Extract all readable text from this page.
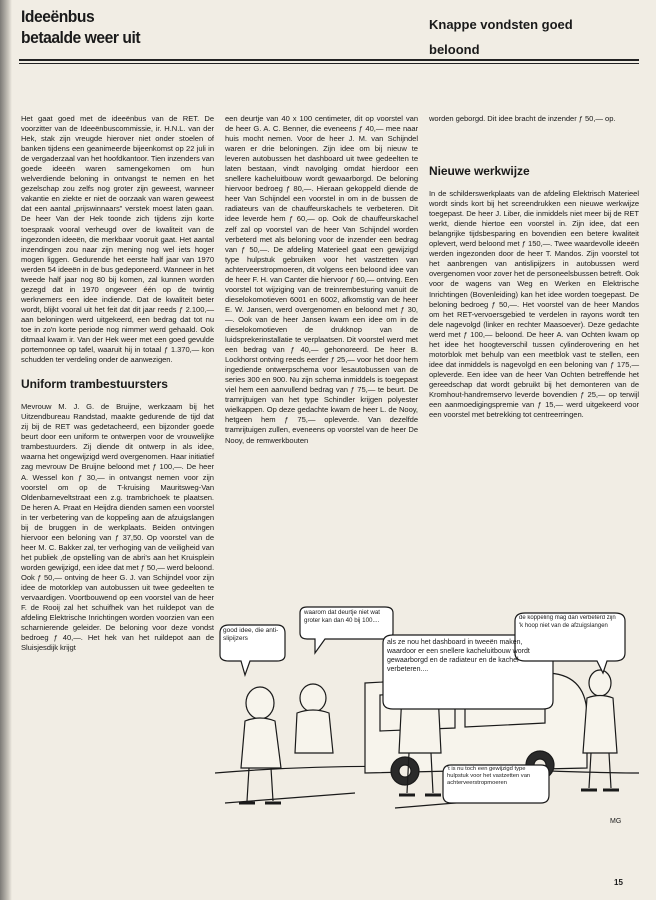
Ideeënbus
betaalde weer uit
Knappe vondsten goed
beloond

Het gaat goed met de ideeënbus van de RET. De voorzitter van de Ideeënbuscommissie, ir. H.N.L. van der Hek, stak zijn vreugde hierover niet onder stoelen of banken tijdens een geanimeerde bijeenkomst op 22 juli in de vergaderzaal van het hoofdkantoor. Tien inzenders van goede ideeën waren samengekomen om hun welverdiende beloning in ontvangst te nemen en het gezelschap zou zelfs nog groter zijn geweest, wanneer vakantie en ziekte er niet de oorzaak van waren geweest dat een aantal „prijswinnaars” verstek moest laten gaan. De heer Van der Hek toonde zich tijdens zijn korte toespraak vooral verheugd over de kwaliteit van de ingezonden ideeën, die merkbaar vooruit gaat. Het aantal inzendingen zou naar zijn mening nog wel iets hoger mogen liggen. Gedurende het eerste half jaar van 1970 werden 54 ideeën in de bus gedeponeerd. Wanneer in het tweede half jaar nog 80 bij komen, zal kunnen worden gezegd dat in 1970 ongeveer één op de twintig werknemers een idee indiende. Dat de kwaliteit beter wordt, blijkt vooral uit het feit dat dit jaar reeds ƒ 2.100,— aan beloningen werd uitgekeerd, een bedrag dat tot nu toe in zo'n korte periode nog nimmer werd gehaald. Ook ditmaal kwam ir. Van der Hek weer met een goed gevulde portemonnee op tafel, waaruit hij in totaal ƒ 1.370,— kon schudden ter verdeling onder de aanwezigen.

Uniform trambestuursters

Mevrouw M. J. G. de Bruijne, werkzaam bij het Uitzendbureau Randstad, maakte gedurende de tijd dat zij bij de RET was gedetacheerd, een bijzonder goede beurt door een uniform te ontwerpen voor de vrouwelijke trambestuurders. Zij diende dit ontwerp in als idee, waarna het ongewijzigd werd overgenomen. Haar initiatief zag mevrouw De Bruijne beloond met ƒ 100,—. De heer A. Wessel kon ƒ 30,— in ontvangst nemen voor zijn voorstel om op de T-kruising Mauritsweg-Van Oldenbarneveltstraat een z.g. trambrichoek te plaatsen. De heren A. Praat en Heijdra dienden samen een voorstel in ter verbetering van de koppeling aan de afzuigslangen bij de bruggen in de werkplaats. Beiden ontvingen hiervoor een beloning van ƒ 37,50. Op voorstel van de heer M. C. Bakker zal, ter verhoging van de veiligheid van het publiek ,de opstelling van de abri's aan het Kruisplein worden gewijzigd, een idee dat met ƒ 50,— werd beloond. Ook ƒ 50,— ontving de heer G. J. van Schijndel voor zijn idee de motorklep van autobussen uit twee gedeelten te vervaardigen. Voortbouwend op een voorstel van de heer F. de Rooij zal het schuifhek van het ruildepot van de afdeling Elektrische Inrichtingen worden voorzien van een scharnierende geleider. De beloning voor deze vondst bedroeg ƒ 40,—. Het hek van het ruildepot aan de Sluisjesdijk krijgt

een deurtje van 40 x 100 centimeter, dit op voorstel van de heer G. A. C. Benner, die eveneens ƒ 40,— mee naar huis mocht nemen. Voor de heer J. M. van Schijndel waren er drie beloningen. Zijn idee om bij nieuw te leveren autobussen het dashboard uit twee gedeelten te laten bestaan, vindt navolging omdat hierdoor een snellere kacheluitbouw wordt gewaarborgd. De beloning hiervoor bedroeg ƒ 80,—. Hieraan gekoppeld diende de heer Van Schijndel een voorstel in om in de bussen de radiateurs van de chauffeurskachels te verbeteren. Dit idee leverde hem ƒ 60,— op. Ook de chauffeurskachel zelf zal op voorstel van de heer Van Schijndel worden verbeterd met als beloning voor de inzender een bedrag van ƒ 50,—. De afdeling Materieel gaat een gewijzigd type hulpstuk gebruiken voor het vastzetten van achterveerstropmoeren, dit volgens een beloond idee van de heer F. H. van Canter die hiervoor ƒ 60,— ontving. Een voorstel tot wijziging van de treinrembesturing vanuit de dieselokomotieven 6001 en 6002, afkomstig van de heer E. W. Jansen, werd overgenomen en beloond met ƒ 30,—. Ook van de heer Jansen kwam een idee om in de dieselokomotieven de drukknop van de luidsprekerinstallatie te verplaatsen. Dit voorstel werd met een bedrag van ƒ 40,— gehonoreerd. De heer B. Lockhorst ontving reeds eerder ƒ 25,— voor het door hem ingediende ontwerpschema voor lesautobussen van de series 300 en 900. Nu zijn schema inmiddels is toegepast viel hem een aanvullend bedrag van ƒ 75,— te beurt. De tramrijtuigen van het type Schindler krijgen polyester wielkappen. Op deze gedachte kwam de heer L. de Nooy, hetgeen hem ƒ 75,— opleverde. Van dezelfde tramrijtuigen zullen, eveneens op voorstel van de heer De Nooy, de remwerkbouten

worden geborgd. Dit idee bracht de inzender ƒ 50,— op.

Nieuwe werkwijze

In de schilderswerkplaats van de afdeling Elektrisch Materieel wordt sinds kort bij het screendrukken een nieuwe werkwijze toegepast. De heer J. Liber, die inmiddels niet meer bij de RET werkt, diende hiertoe een voorstel in. Zijn idee, dat een belangrijke tijdsbesparing en bovendien een betere kwaliteit oplevert, werd beloond met ƒ 150,—. Twee waardevolle ideeën werden ingezonden door de heer T. Mandos. Zijn voorstel tot het aanbrengen van antislipijzers in autobussen werd overgenomen voor zover het de personeelsbussen betreft. Ook voor de wagens van Weg en Werken en Elektrische Inrichtingen (Bovenleiding) kan het idee worden toegepast. De beloning bedroeg ƒ 50,—. Het voorstel van de heer Mandos om het RET-vervoersgebied te verdelen in rayons wordt ten dele nagevolgd (linker en rechter Maasoever). Deze gedachte werd met ƒ 100,— beloond. De heer A. van Ochten kwam op het idee het hoogteverschil tussen cylinderovering en het motorblok met behulp van een meetblok vast te stellen, een idee dat inmiddels is nagevolgd en een beloning van ƒ 175,— opleverde. Een idee van de heer Van Ochten betreffende het gereedschap dat wordt gebruikt bij het demonteren van de Kromhout-handremservo leverde bovendien ƒ 25,— op terwijl een aanmoedigingspremie van ƒ 15,— werd uitgekeerd voor een voorstel met betrekking tot centreerringen.

good idee, die anti-slipijzers
waarom dat deurtje niet wat groter kan dan 40 bij 100....
als ze nou het dashboard in tweeën maken, waardoor er een snellere kacheluitbouw wordt gewaarborgd en de radiateur en de kachel verbeteren....
de koppeling mag dan verbeterd zijn 'k hoop niet van de afzuigslangen
't is nu toch een gewijzigd type hulpstuk voor het vastzetten van achterveerstropmoeren
MG
15
